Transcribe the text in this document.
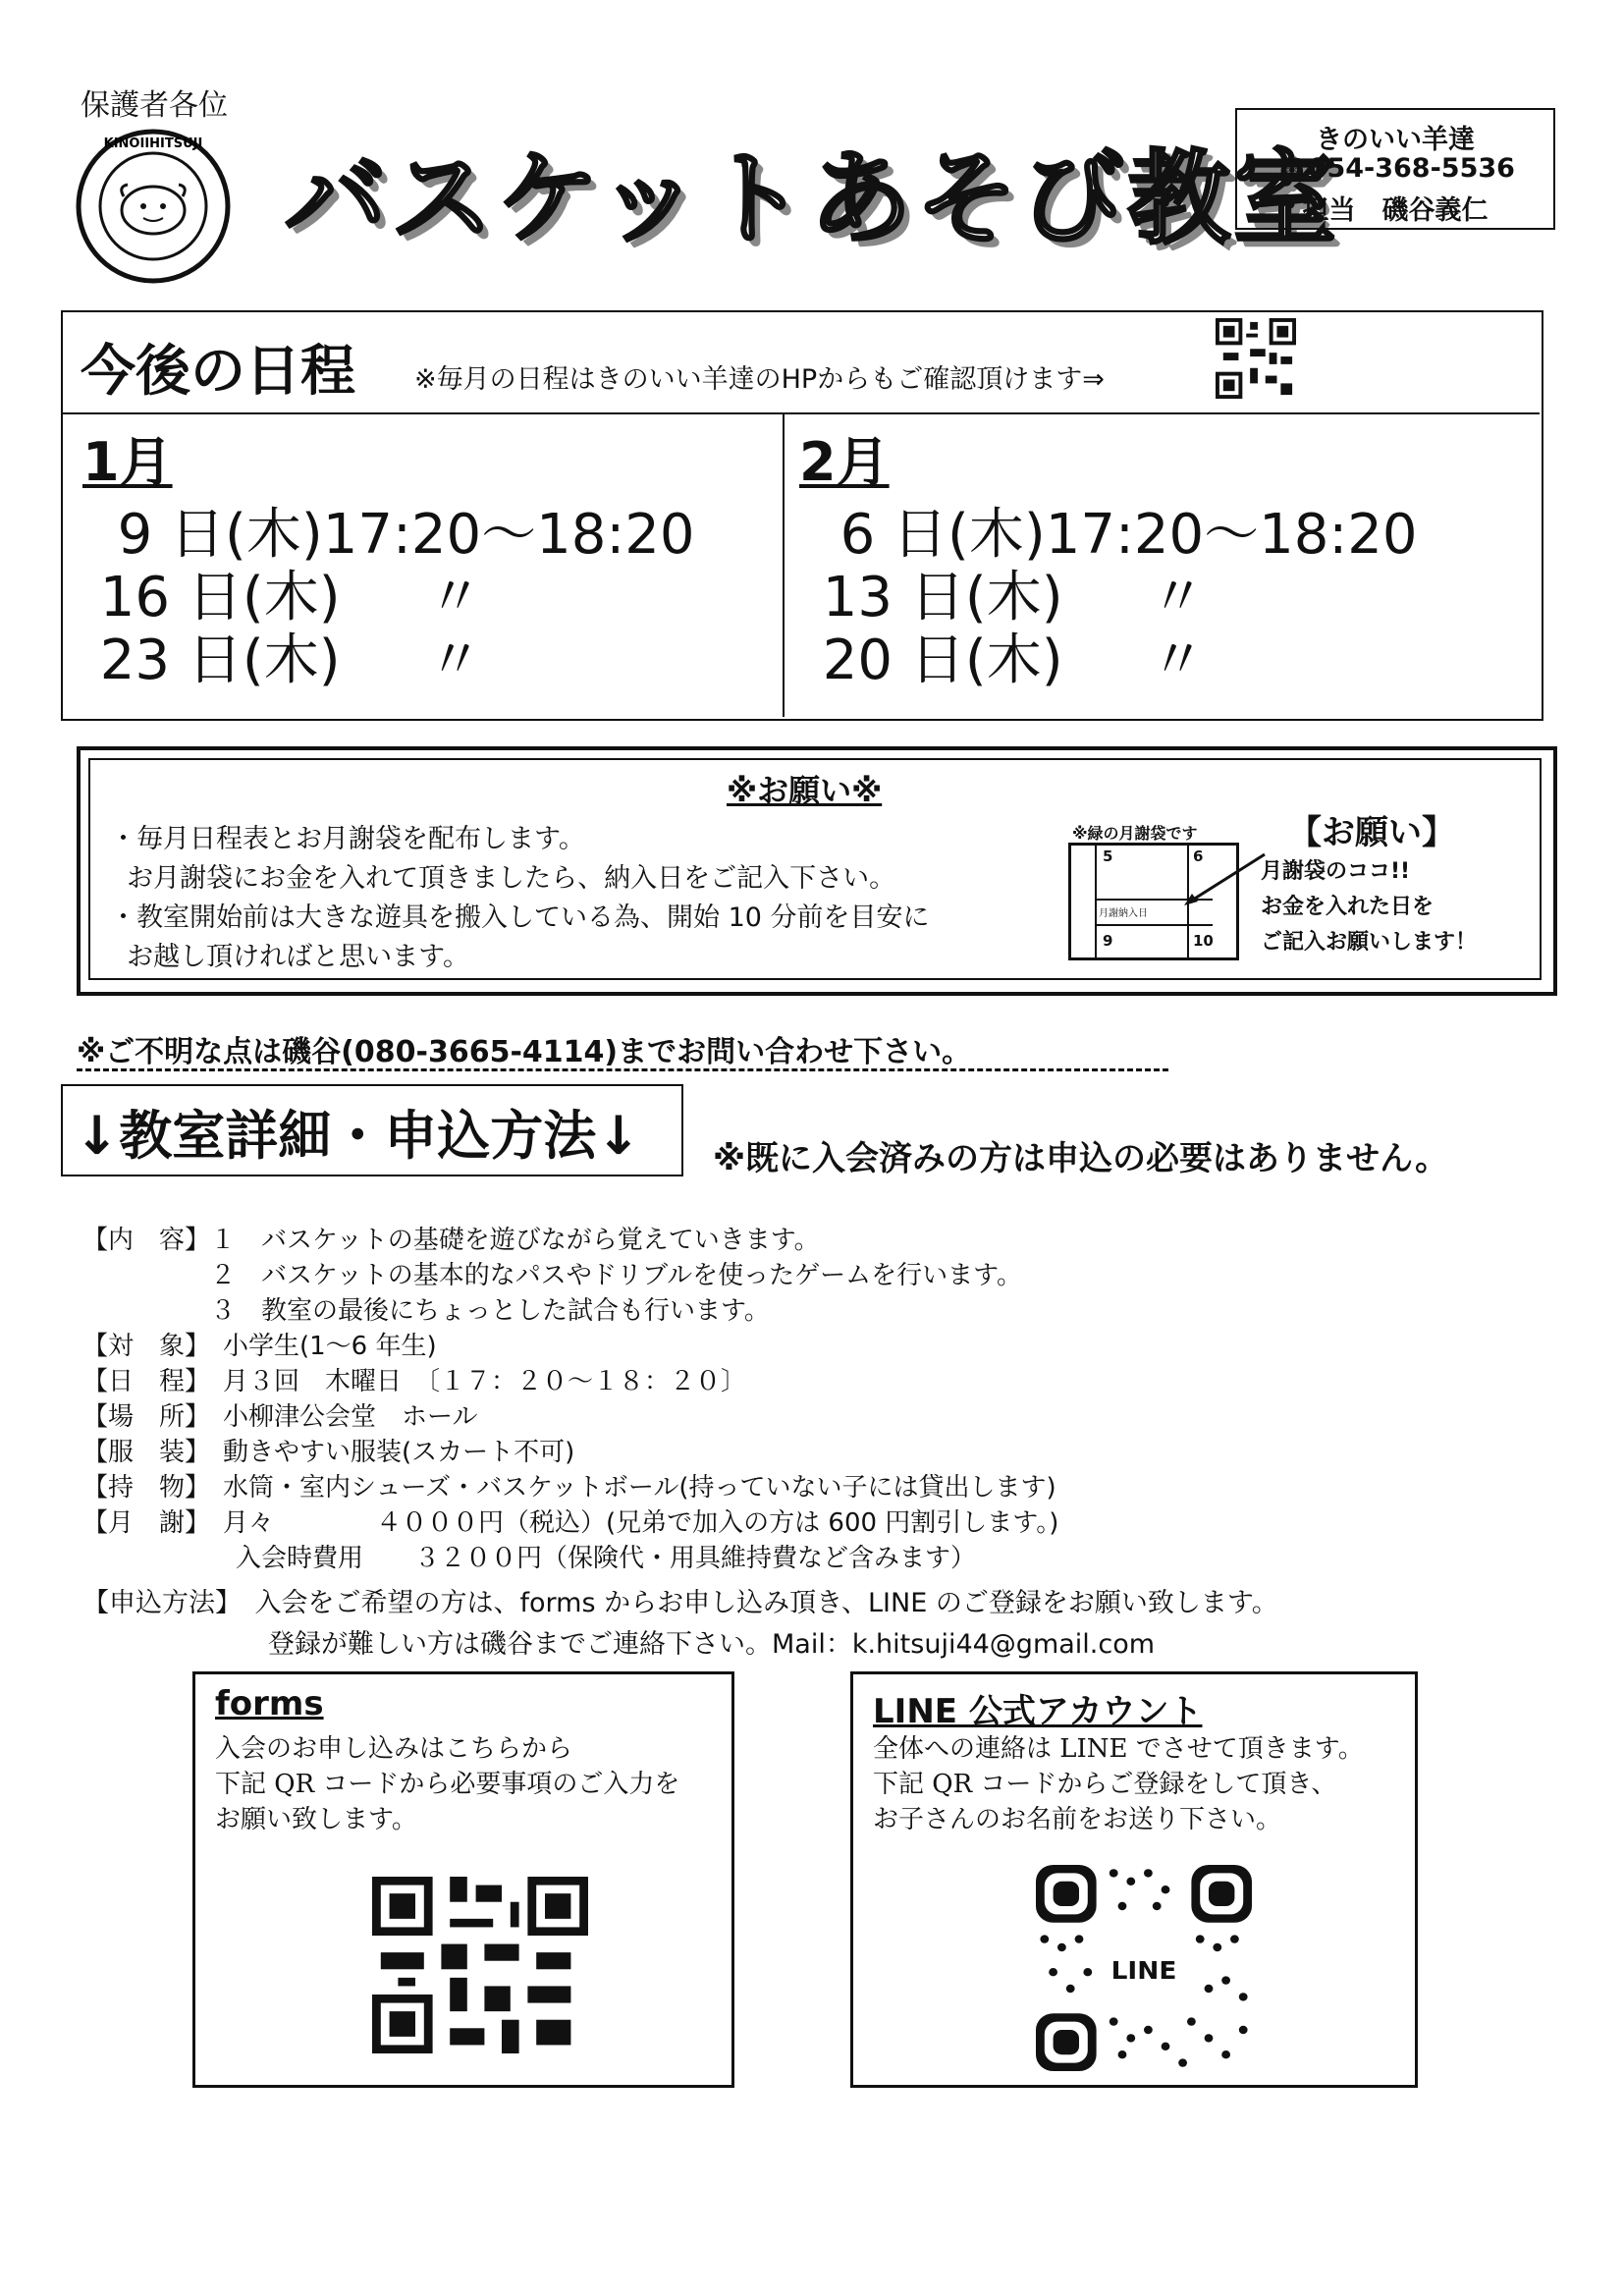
保護者各位
KINOIIHITSUJI バスケットあそび教室
きのいい羊達
☎054-368-5536
担当　磯谷義仁
今後の日程 ※毎月の日程はきのいい羊達のHPからもご確認頂けます⇒
1月
9 日(木)17:20〜18:20
16 日(木)     〃
23 日(木)     〃
2月
6 日(木)17:20〜18:20
13 日(木)     〃
20 日(木)     〃
※お願い※
・毎月日程表とお月謝袋を配布します。
お月謝袋にお金を入れて頂きましたら、納入日をご記入下さい。
・教室開始前は大きな遊具を搬入している為、開始 10 分前を目安に
お越し頂ければと思います。
※緑の月謝袋です
5	6
月謝納入日
9	10
【お願い】
月謝袋のココ!!
お金を入れた日を
ご記入お願いします！
※ご不明な点は磯谷(080-3665-4114)までお問い合わせ下さい。
↓教室詳細・申込方法↓ ※既に入会済みの方は申込の必要はありません。
【内　容】１　バスケットの基礎を遊びながら覚えていきます。
　　　　　２　バスケットの基本的なパスやドリブルを使ったゲームを行います。
　　　　　３　教室の最後にちょっとした試合も行います。
【対　象】　小学生(1〜6 年生)
【日　程】　月３回　木曜日　〔１７：２０〜１８：２０〕
【場　所】　小柳津公会堂　ホール
【服　装】　動きやすい服装(スカート不可)
【持　物】　水筒・室内シューズ・バスケットボール(持っていない子には貸出します)
【月　謝】　月々　　　　４０００円（税込）(兄弟で加入の方は 600 円割引します。)
　　　　　　入会時費用　　３２００円（保険代・用具維持費など含みます）
【申込方法】　入会をご希望の方は、forms からお申し込み頂き、LINE のご登録をお願い致します。
　　　　　　　登録が難しい方は磯谷までご連絡下さい。Mail：k.hitsuji44@gmail.com
forms
入会のお申し込みはこちらから
下記 QR コードから必要事項のご入力を
お願い致します。
LINE 公式アカウント
全体への連絡は LINE でさせて頂きます。
下記 QR コードからご登録をして頂き、
お子さんのお名前をお送り下さい。
LINE
